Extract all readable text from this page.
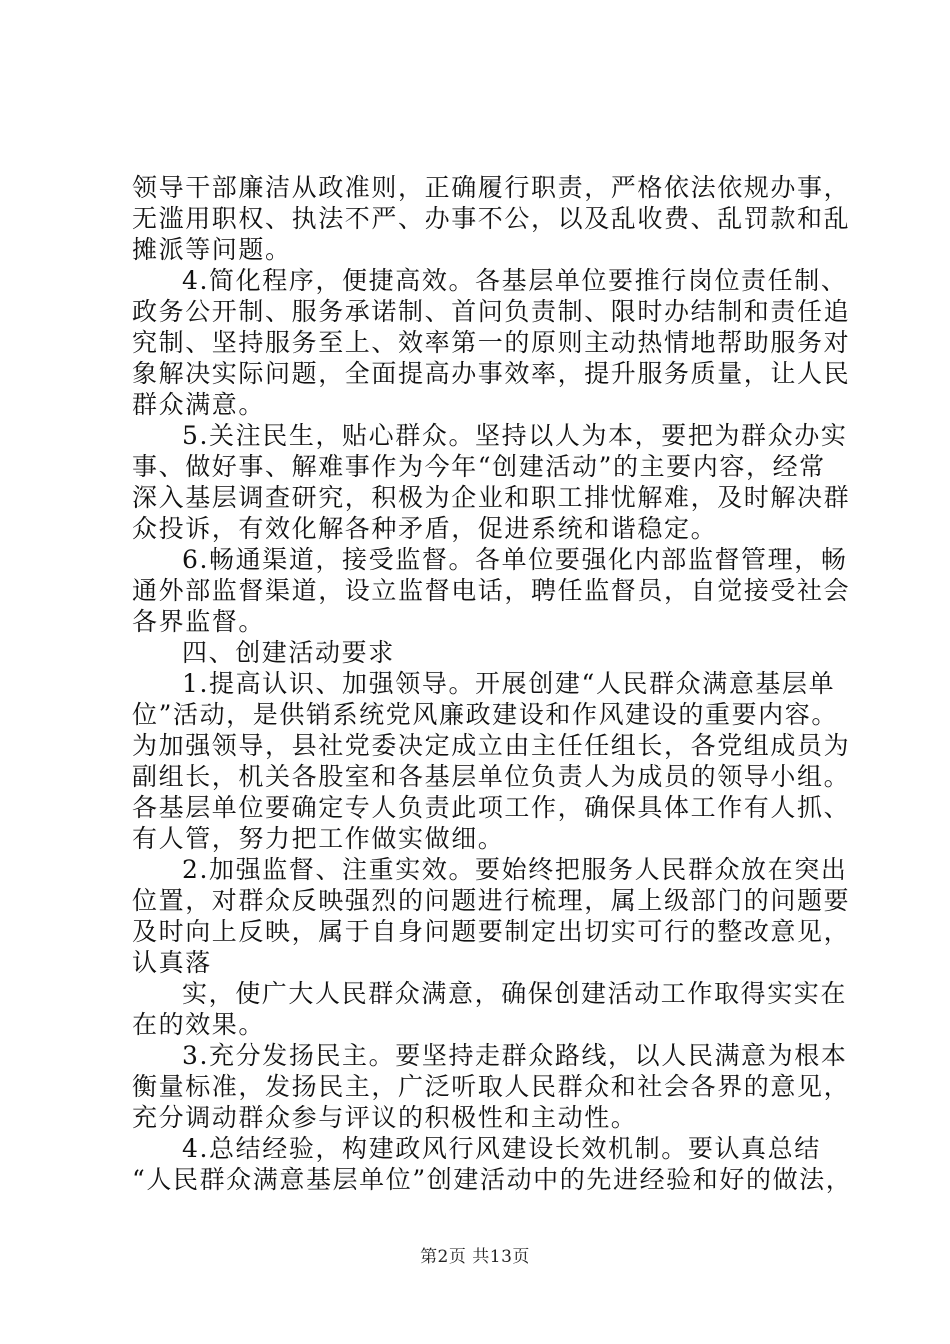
领导干部廉洁从政准则，正确履行职责，严格依法依规办事，
无滥用职权、执法不严、办事不公，以及乱收费、乱罚款和乱
摊派等问题。
4.简化程序，便捷高效。各基层单位要推行岗位责任制、
政务公开制、服务承诺制、首问负责制、限时办结制和责任追
究制、坚持服务至上、效率第一的原则主动热情地帮助服务对
象解决实际问题，全面提高办事效率，提升服务质量，让人民
群众满意。
5.关注民生，贴心群众。坚持以人为本，要把为群众办实
事、做好事、解难事作为今年“创建活动”的主要内容，经常
深入基层调查研究，积极为企业和职工排忧解难，及时解决群
众投诉，有效化解各种矛盾，促进系统和谐稳定。
6.畅通渠道，接受监督。各单位要强化内部监督管理，畅
通外部监督渠道，设立监督电话，聘任监督员，自觉接受社会
各界监督。
四、创建活动要求
1.提高认识、加强领导。开展创建“人民群众满意基层单
位”活动，是供销系统党风廉政建设和作风建设的重要内容。
为加强领导，县社党委决定成立由主任任组长，各党组成员为
副组长，机关各股室和各基层单位负责人为成员的领导小组。
各基层单位要确定专人负责此项工作，确保具体工作有人抓、
有人管，努力把工作做实做细。
2.加强监督、注重实效。要始终把服务人民群众放在突出
位置，对群众反映强烈的问题进行梳理，属上级部门的问题要
及时向上反映，属于自身问题要制定出切实可行的整改意见，
认真落
实，使广大人民群众满意，确保创建活动工作取得实实在
在的效果。
3.充分发扬民主。要坚持走群众路线，以人民满意为根本
衡量标准，发扬民主，广泛听取人民群众和社会各界的意见，
充分调动群众参与评议的积极性和主动性。
4.总结经验，构建政风行风建设长效机制。要认真总结
“人民群众满意基层单位”创建活动中的先进经验和好的做法，
第2页 共13页
